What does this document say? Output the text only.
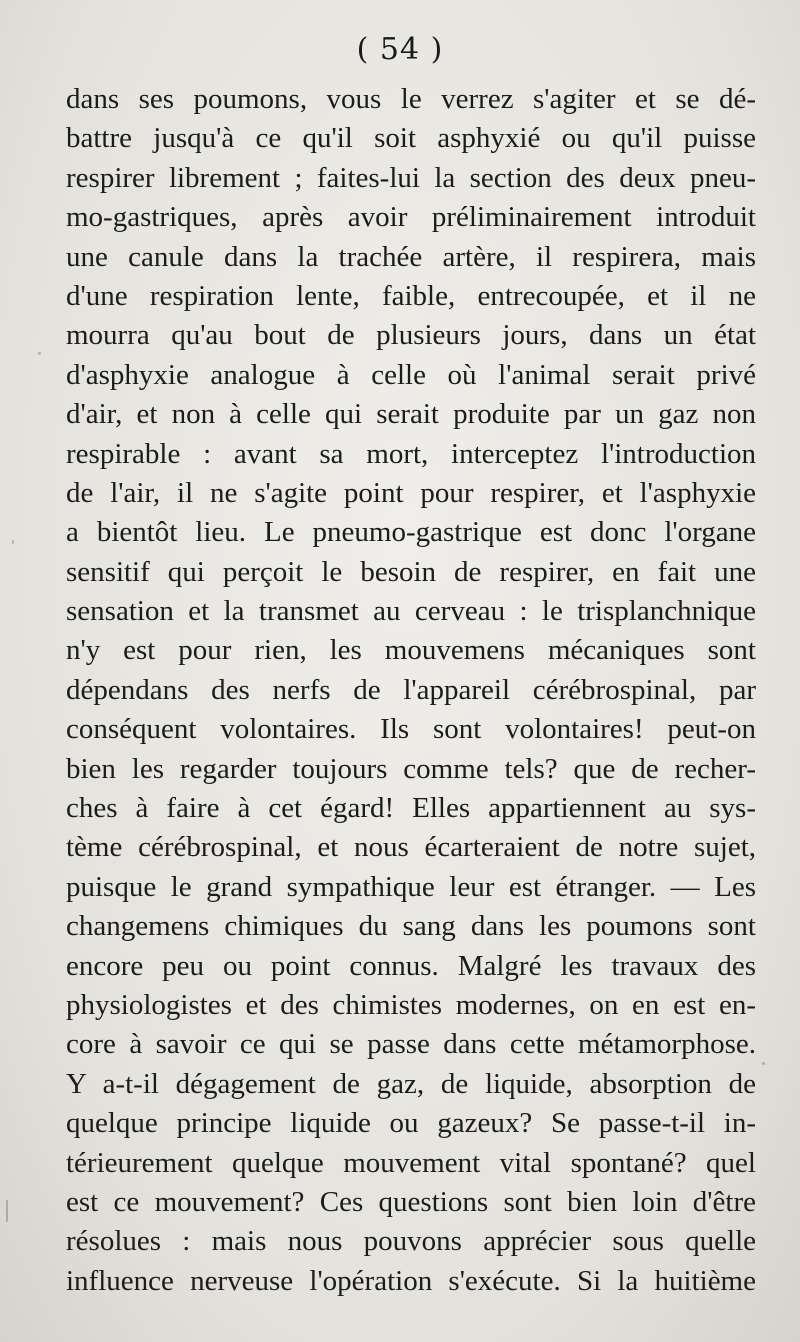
( 54 )
dans ses poumons, vous le verrez s'agiter et se dé-
battre jusqu'à ce qu'il soit asphyxié ou qu'il puisse
respirer librement ; faites-lui la section des deux pneu-
mo-gastriques, après avoir préliminairement introduit
une canule dans la trachée artère, il respirera, mais
d'une respiration lente, faible, entrecoupée, et il ne
mourra qu'au bout de plusieurs jours, dans un état
d'asphyxie analogue à celle où l'animal serait privé
d'air, et non à celle qui serait produite par un gaz non
respirable : avant sa mort, interceptez l'introduction
de l'air, il ne s'agite point pour respirer, et l'asphyxie
a bientôt lieu. Le pneumo-gastrique est donc l'organe
sensitif qui perçoit le besoin de respirer, en fait une
sensation et la transmet au cerveau : le trisplanchnique
n'y est pour rien, les mouvemens mécaniques sont
dépendans des nerfs de l'appareil cérébrospinal, par
conséquent volontaires. Ils sont volontaires! peut-on
bien les regarder toujours comme tels? que de recher-
ches à faire à cet égard! Elles appartiennent au sys-
tème cérébrospinal, et nous écarteraient de notre sujet,
puisque le grand sympathique leur est étranger. — Les
changemens chimiques du sang dans les poumons sont
encore peu ou point connus. Malgré les travaux des
physiologistes et des chimistes modernes, on en est en-
core à savoir ce qui se passe dans cette métamorphose.
Y a-t-il dégagement de gaz, de liquide, absorption de
quelque principe liquide ou gazeux? Se passe-t-il in-
térieurement quelque mouvement vital spontané? quel
est ce mouvement? Ces questions sont bien loin d'être
résolues : mais nous pouvons apprécier sous quelle
influence nerveuse l'opération s'exécute. Si la huitième
